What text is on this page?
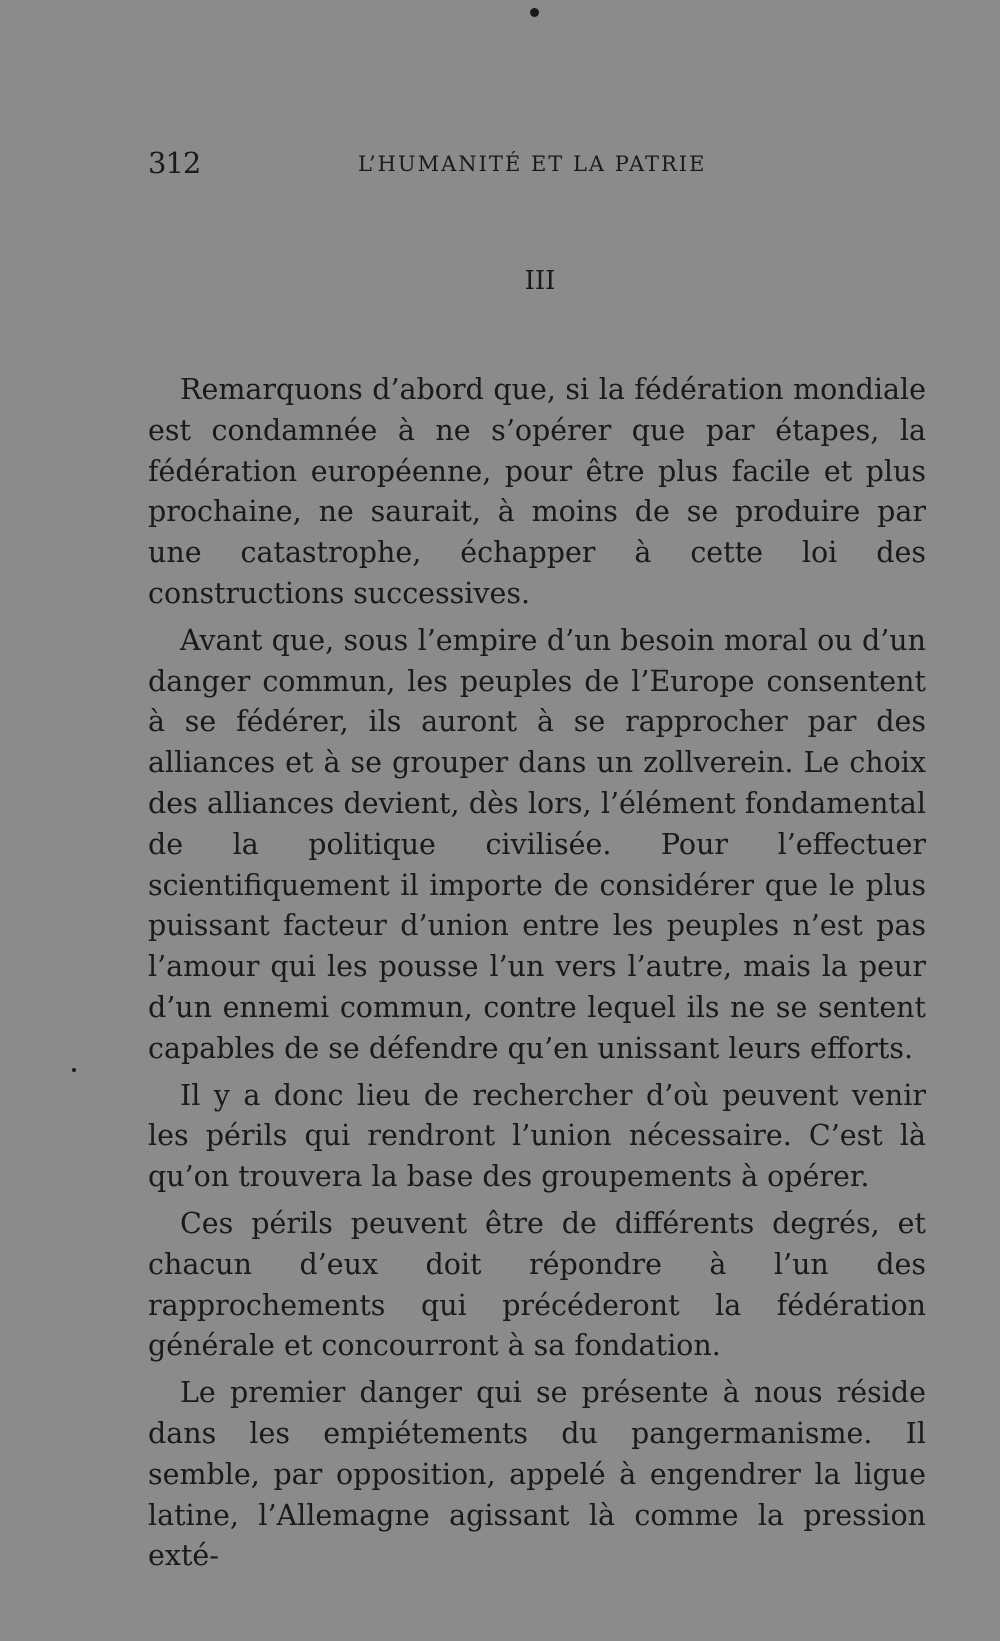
312	L’HUMANITÉ ET LA PATRIE
III

Remarquons d’abord que, si la fédération mondiale est condamnée à ne s’opérer que par étapes, la fédération européenne, pour être plus facile et plus prochaine, ne saurait, à moins de se produire par une catastrophe, échapper à cette loi des constructions successives.

Avant que, sous l’empire d’un besoin moral ou d’un danger commun, les peuples de l’Europe consentent à se fédérer, ils auront à se rapprocher par des alliances et à se grouper dans un zollverein. Le choix des alliances devient, dès lors, l’élément fondamental de la politique civilisée. Pour l’effectuer scientifiquement il importe de considérer que le plus puissant facteur d’union entre les peuples n’est pas l’amour qui les pousse l’un vers l’autre, mais la peur d’un ennemi commun, contre lequel ils ne se sentent capables de se défendre qu’en unissant leurs efforts.

Il y a donc lieu de rechercher d’où peuvent venir les périls qui rendront l’union nécessaire. C’est là qu’on trouvera la base des groupements à opérer.

Ces périls peuvent être de différents degrés, et chacun d’eux doit répondre à l’un des rapprochements qui précéderont la fédération générale et concourront à sa fondation.

Le premier danger qui se présente à nous réside dans les empiétements du pangermanisme. Il semble, par opposition, appelé à engendrer la ligue latine, l’Allemagne agissant là comme la pression exté-
